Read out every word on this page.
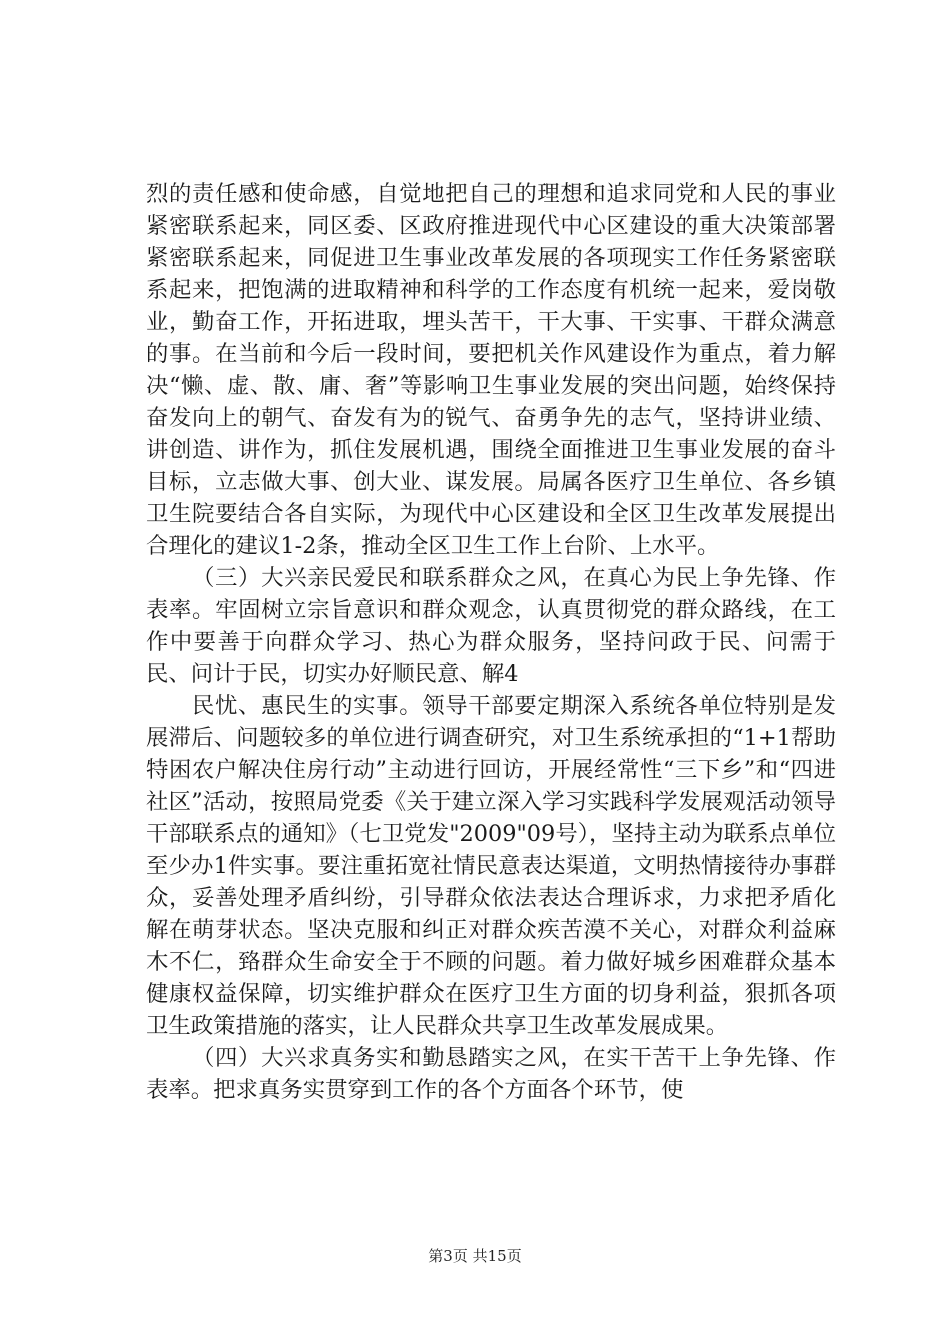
烈的责任感和使命感，自觉地把自己的理想和追求同党和人民的事业紧密联系起来，同区委、区政府推进现代中心区建设的重大决策部署紧密联系起来，同促进卫生事业改革发展的各项现实工作任务紧密联系起来，把饱满的进取精神和科学的工作态度有机统一起来，爱岗敬业，勤奋工作，开拓进取，埋头苦干，干大事、干实事、干群众满意的事。在当前和今后一段时间，要把机关作风建设作为重点，着力解决“懒、虚、散、庸、奢”等影响卫生事业发展的突出问题，始终保持奋发向上的朝气、奋发有为的锐气、奋勇争先的志气，坚持讲业绩、讲创造、讲作为，抓住发展机遇，围绕全面推进卫生事业发展的奋斗目标，立志做大事、创大业、谋发展。局属各医疗卫生单位、各乡镇卫生院要结合各自实际，为现代中心区建设和全区卫生改革发展提出合理化的建议1-2条，推动全区卫生工作上台阶、上水平。

（三）大兴亲民爱民和联系群众之风，在真心为民上争先锋、作表率。牢固树立宗旨意识和群众观念，认真贯彻党的群众路线，在工作中要善于向群众学习、热心为群众服务，坚持问政于民、问需于民、问计于民，切实办好顺民意、解4

民忧、惠民生的实事。领导干部要定期深入系统各单位特别是发展滞后、问题较多的单位进行调查研究，对卫生系统承担的“1+1帮助特困农户解决住房行动”主动进行回访，开展经常性“三下乡”和“四进社区”活动，按照局党委《关于建立深入学习实践科学发展观活动领导干部联系点的通知》（七卫党发"2009"09号），坚持主动为联系点单位至少办1件实事。要注重拓宽社情民意表达渠道，文明热情接待办事群众，妥善处理矛盾纠纷，引导群众依法表达合理诉求，力求把矛盾化解在萌芽状态。坚决克服和纠正对群众疾苦漠不关心，对群众利益麻木不仁，臵群众生命安全于不顾的问题。着力做好城乡困难群众基本健康权益保障，切实维护群众在医疗卫生方面的切身利益，狠抓各项卫生政策措施的落实，让人民群众共享卫生改革发展成果。

（四）大兴求真务实和勤恳踏实之风，在实干苦干上争先锋、作表率。把求真务实贯穿到工作的各个方面各个环节，使

第3页 共15页
